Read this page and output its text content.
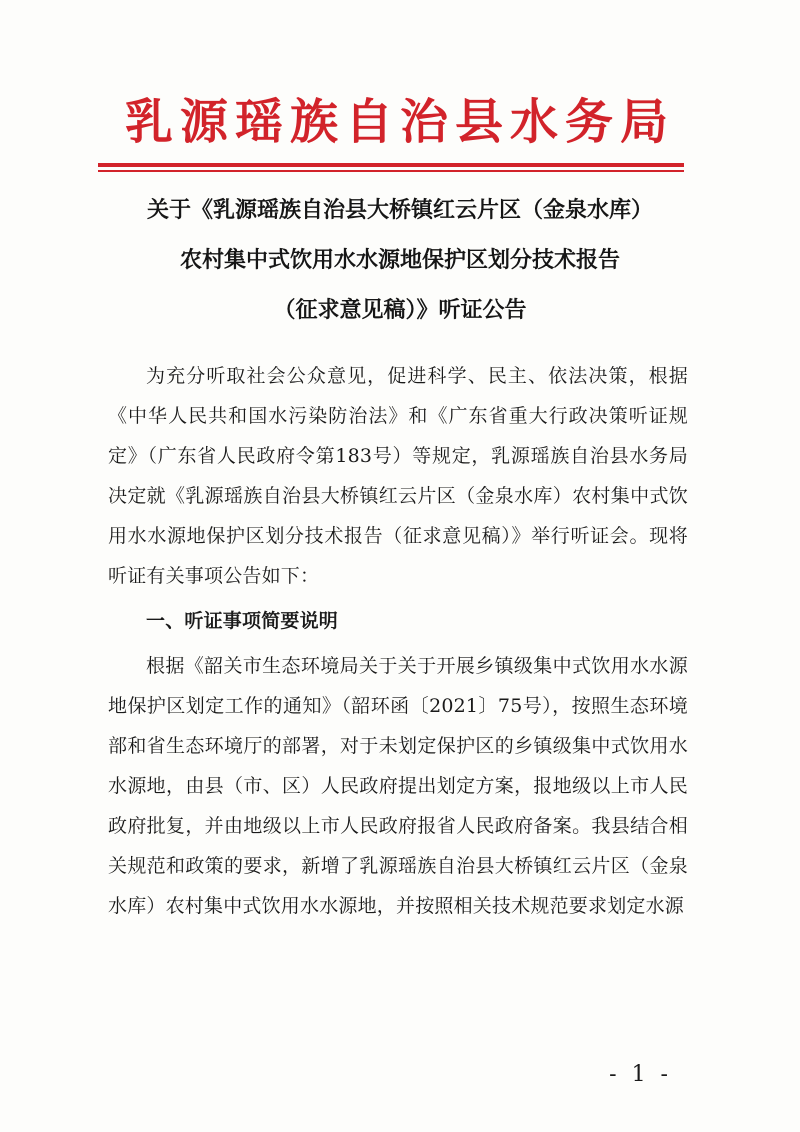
乳源瑶族自治县水务局
关于《乳源瑶族自治县大桥镇红云片区（金泉水库）
农村集中式饮用水水源地保护区划分技术报告
（征求意见稿）》听证公告

为充分听取社会公众意见，促进科学、民主、依法决策，根据《中华人民共和国水污染防治法》和《广东省重大行政决策听证规定》（广东省人民政府令第183号）等规定，乳源瑶族自治县水务局决定就《乳源瑶族自治县大桥镇红云片区（金泉水库）农村集中式饮用水水源地保护区划分技术报告（征求意见稿）》举行听证会。现将听证有关事项公告如下：

一、听证事项简要说明

根据《韶关市生态环境局关于关于开展乡镇级集中式饮用水水源地保护区划定工作的通知》（韶环函〔2021〕75号），按照生态环境部和省生态环境厅的部署，对于未划定保护区的乡镇级集中式饮用水水源地，由县（市、区）人民政府提出划定方案，报地级以上市人民政府批复，并由地级以上市人民政府报省人民政府备案。我县结合相关规范和政策的要求，新增了乳源瑶族自治县大桥镇红云片区（金泉水库）农村集中式饮用水水源地，并按照相关技术规范要求划定水源

- 1 -
